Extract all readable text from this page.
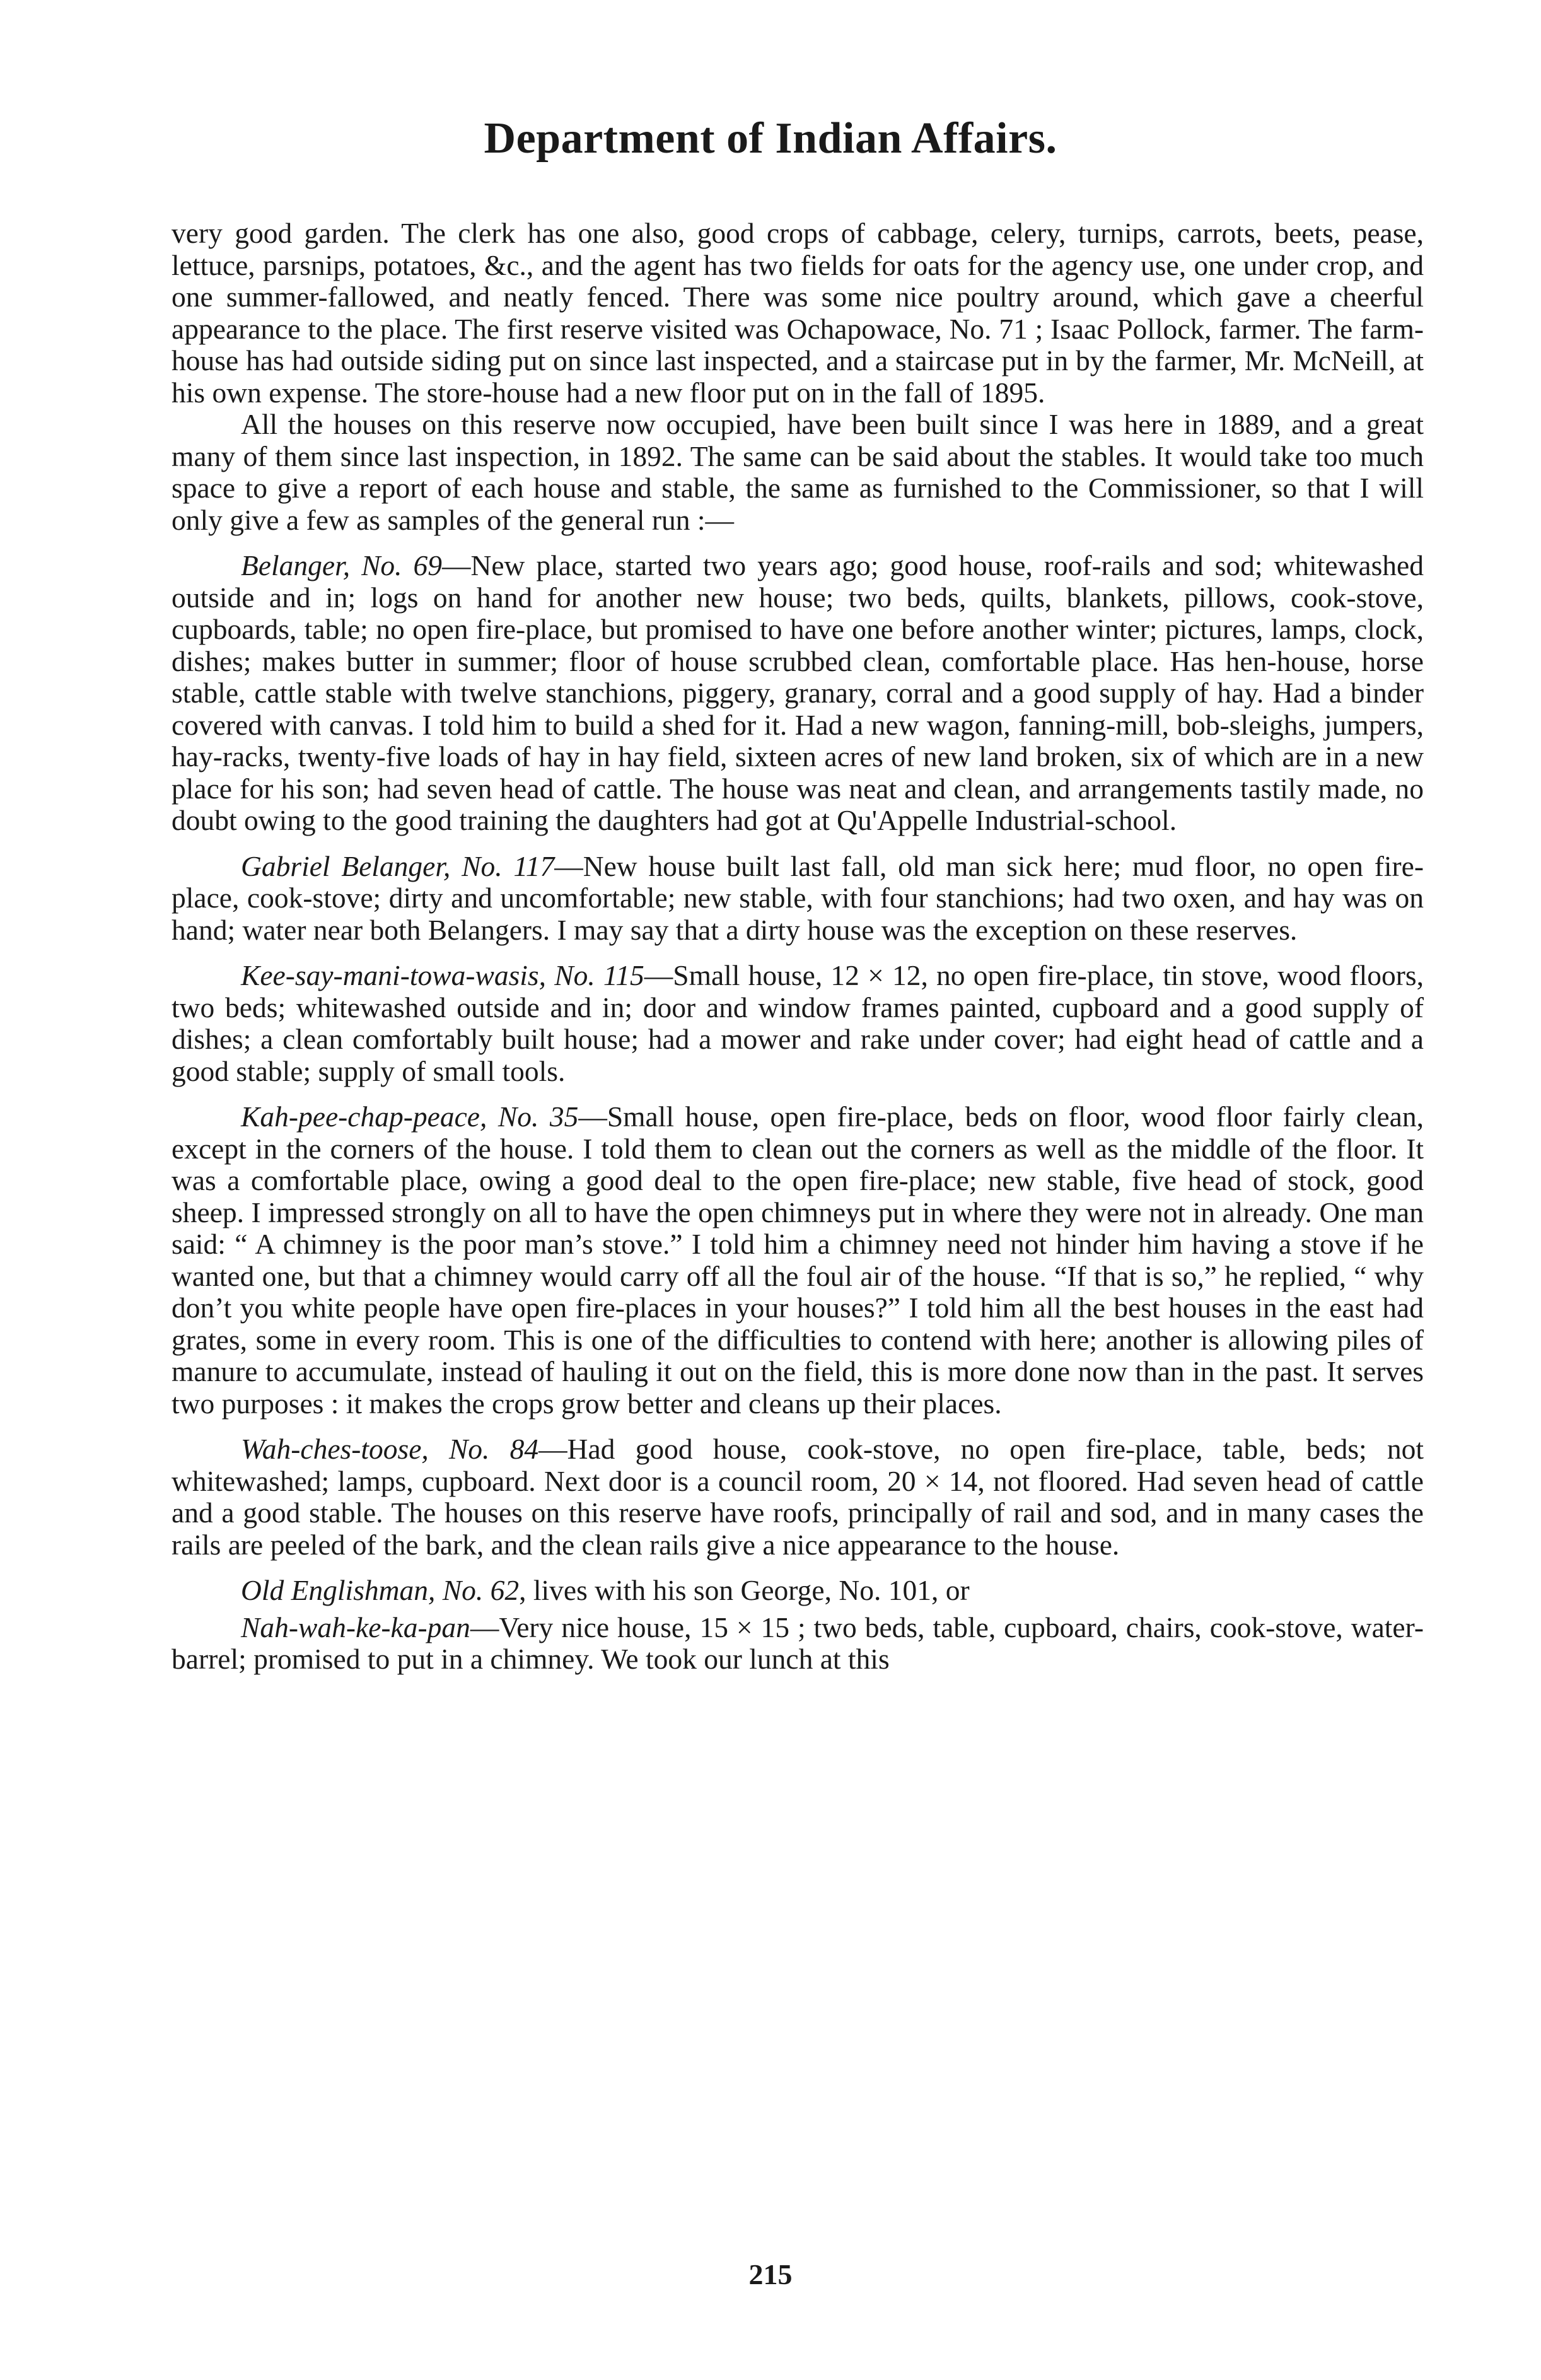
Department of Indian Affairs.

very good garden. The clerk has one also, good crops of cabbage, celery, turnips, carrots, beets, pease, lettuce, parsnips, potatoes, &c., and the agent has two fields for oats for the agency use, one under crop, and one summer-fallowed, and neatly fenced. There was some nice poultry around, which gave a cheerful appearance to the place. The first reserve visited was Ochapowace, No. 71 ; Isaac Pollock, farmer. The farm-house has had outside siding put on since last inspected, and a staircase put in by the farmer, Mr. McNeill, at his own expense. The store-house had a new floor put on in the fall of 1895.

All the houses on this reserve now occupied, have been built since I was here in 1889, and a great many of them since last inspection, in 1892. The same can be said about the stables. It would take too much space to give a report of each house and stable, the same as furnished to the Commissioner, so that I will only give a few as samples of the general run :—

Belanger, No. 69—New place, started two years ago; good house, roof-rails and sod; whitewashed outside and in; logs on hand for another new house; two beds, quilts, blankets, pillows, cook-stove, cupboards, table; no open fire-place, but promised to have one before another winter; pictures, lamps, clock, dishes; makes butter in summer; floor of house scrubbed clean, comfortable place. Has hen-house, horse stable, cattle stable with twelve stanchions, piggery, granary, corral and a good supply of hay. Had a binder covered with canvas. I told him to build a shed for it. Had a new wagon, fanning-mill, bob-sleighs, jumpers, hay-racks, twenty-five loads of hay in hay field, sixteen acres of new land broken, six of which are in a new place for his son; had seven head of cattle. The house was neat and clean, and arrangements tastily made, no doubt owing to the good training the daughters had got at Qu'Appelle Industrial-school.

Gabriel Belanger, No. 117—New house built last fall, old man sick here; mud floor, no open fire-place, cook-stove; dirty and uncomfortable; new stable, with four stanchions; had two oxen, and hay was on hand; water near both Belangers. I may say that a dirty house was the exception on these reserves.

Kee-say-mani-towa-wasis, No. 115—Small house, 12 × 12, no open fire-place, tin stove, wood floors, two beds; whitewashed outside and in; door and window frames painted, cupboard and a good supply of dishes; a clean comfortably built house; had a mower and rake under cover; had eight head of cattle and a good stable; supply of small tools.

Kah-pee-chap-peace, No. 35—Small house, open fire-place, beds on floor, wood floor fairly clean, except in the corners of the house. I told them to clean out the corners as well as the middle of the floor. It was a comfortable place, owing a good deal to the open fire-place; new stable, five head of stock, good sheep. I impressed strongly on all to have the open chimneys put in where they were not in already. One man said: “ A chimney is the poor man’s stove.” I told him a chimney need not hinder him having a stove if he wanted one, but that a chimney would carry off all the foul air of the house. “If that is so,” he replied, “ why don’t you white people have open fire-places in your houses?” I told him all the best houses in the east had grates, some in every room. This is one of the difficulties to contend with here; another is allowing piles of manure to accumulate, instead of hauling it out on the field, this is more done now than in the past. It serves two purposes : it makes the crops grow better and cleans up their places.

Wah-ches-toose, No. 84—Had good house, cook-stove, no open fire-place, table, beds; not whitewashed; lamps, cupboard. Next door is a council room, 20 × 14, not floored. Had seven head of cattle and a good stable. The houses on this reserve have roofs, principally of rail and sod, and in many cases the rails are peeled of the bark, and the clean rails give a nice appearance to the house.

Old Englishman, No. 62, lives with his son George, No. 101, or

Nah-wah-ke-ka-pan—Very nice house, 15 × 15 ; two beds, table, cupboard, chairs, cook-stove, water-barrel; promised to put in a chimney. We took our lunch at this

215
